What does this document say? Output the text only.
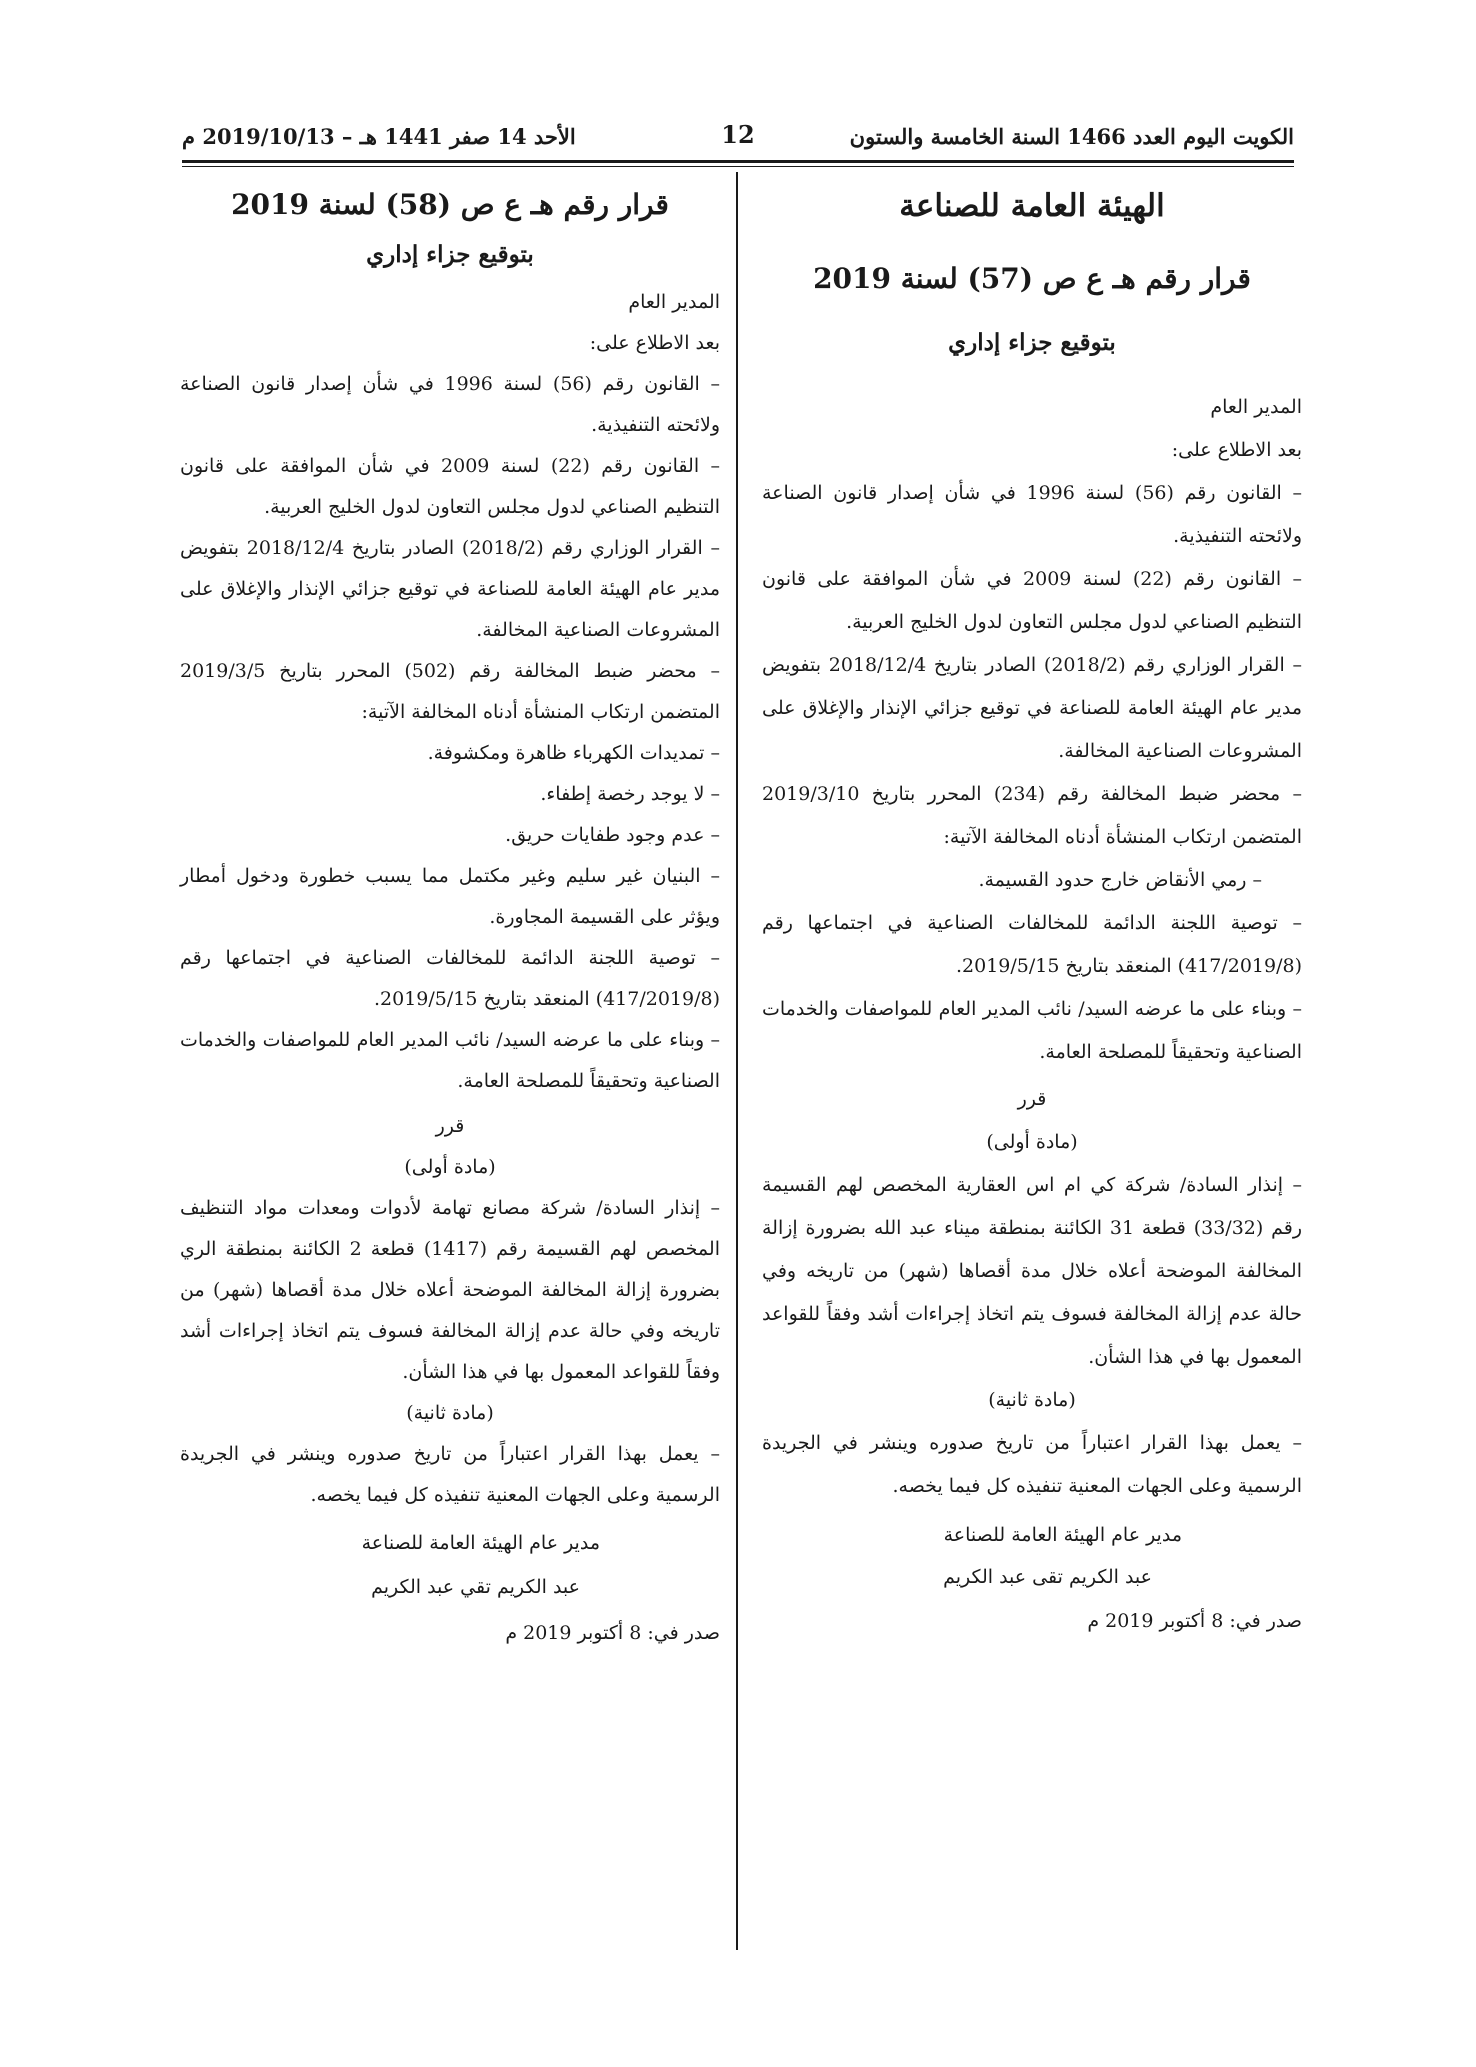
الكويت اليوم العدد 1466 السنة الخامسة والستون
12
الأحد 14 صفر 1441 هـ – 2019/10/13 م
الهيئة العامة للصناعة
قرار رقم هـ ع ص (57) لسنة 2019
بتوقيع جزاء إداري

المدير العام

بعد الاطلاع على:

– القانون رقم (56) لسنة 1996 في شأن إصدار قانون الصناعة ولائحته التنفيذية.

– القانون رقم (22) لسنة 2009 في شأن الموافقة على قانون التنظيم الصناعي لدول مجلس التعاون لدول الخليج العربية.

– القرار الوزاري رقم (2018/2) الصادر بتاريخ 2018/12/4 بتفويض مدير عام الهيئة العامة للصناعة في توقيع جزائي الإنذار والإغلاق على المشروعات الصناعية المخالفة.

– محضر ضبط المخالفة رقم (234) المحرر بتاريخ 2019/3/10 المتضمن ارتكاب المنشأة أدناه المخالفة الآتية:

– رمي الأنقاض خارج حدود القسيمة.

– توصية اللجنة الدائمة للمخالفات الصناعية في اجتماعها رقم (417/2019/8) المنعقد بتاريخ 2019/5/15.

– وبناء على ما عرضه السيد/ نائب المدير العام للمواصفات والخدمات الصناعية وتحقيقاً للمصلحة العامة.

قرر

(مادة أولى)

– إنذار السادة/ شركة كي ام اس العقارية المخصص لهم القسيمة رقم (33/32) قطعة 31 الكائنة بمنطقة ميناء عبد الله بضرورة إزالة المخالفة الموضحة أعلاه خلال مدة أقصاها (شهر) من تاريخه وفي حالة عدم إزالة المخالفة فسوف يتم اتخاذ إجراءات أشد وفقاً للقواعد المعمول بها في هذا الشأن.

(مادة ثانية)

– يعمل بهذا القرار اعتباراً من تاريخ صدوره وينشر في الجريدة الرسمية وعلى الجهات المعنية تنفيذه كل فيما يخصه.

مدير عام الهيئة العامة للصناعة

عبد الكريم تقى عبد الكريم

صدر في: 8 أكتوبر 2019 م

قرار رقم هـ ع ص (58) لسنة 2019
بتوقيع جزاء إداري

المدير العام

بعد الاطلاع على:

– القانون رقم (56) لسنة 1996 في شأن إصدار قانون الصناعة ولائحته التنفيذية.

– القانون رقم (22) لسنة 2009 في شأن الموافقة على قانون التنظيم الصناعي لدول مجلس التعاون لدول الخليج العربية.

– القرار الوزاري رقم (2018/2) الصادر بتاريخ 2018/12/4 بتفويض مدير عام الهيئة العامة للصناعة في توقيع جزائي الإنذار والإغلاق على المشروعات الصناعية المخالفة.

– محضر ضبط المخالفة رقم (502) المحرر بتاريخ 2019/3/5 المتضمن ارتكاب المنشأة أدناه المخالفة الآتية:

– تمديدات الكهرباء ظاهرة ومكشوفة.

– لا يوجد رخصة إطفاء.

– عدم وجود طفايات حريق.

– البنيان غير سليم وغير مكتمل مما يسبب خطورة ودخول أمطار ويؤثر على القسيمة المجاورة.

– توصية اللجنة الدائمة للمخالفات الصناعية في اجتماعها رقم (417/2019/8) المنعقد بتاريخ 2019/5/15.

– وبناء على ما عرضه السيد/ نائب المدير العام للمواصفات والخدمات الصناعية وتحقيقاً للمصلحة العامة.

قرر

(مادة أولى)

– إنذار السادة/ شركة مصانع تهامة لأدوات ومعدات مواد التنظيف المخصص لهم القسيمة رقم (1417) قطعة 2 الكائنة بمنطقة الري بضرورة إزالة المخالفة الموضحة أعلاه خلال مدة أقصاها (شهر) من تاريخه وفي حالة عدم إزالة المخالفة فسوف يتم اتخاذ إجراءات أشد وفقاً للقواعد المعمول بها في هذا الشأن.

(مادة ثانية)

– يعمل بهذا القرار اعتباراً من تاريخ صدوره وينشر في الجريدة الرسمية وعلى الجهات المعنية تنفيذه كل فيما يخصه.

مدير عام الهيئة العامة للصناعة

عبد الكريم تقي عبد الكريم

صدر في: 8 أكتوبر 2019 م
